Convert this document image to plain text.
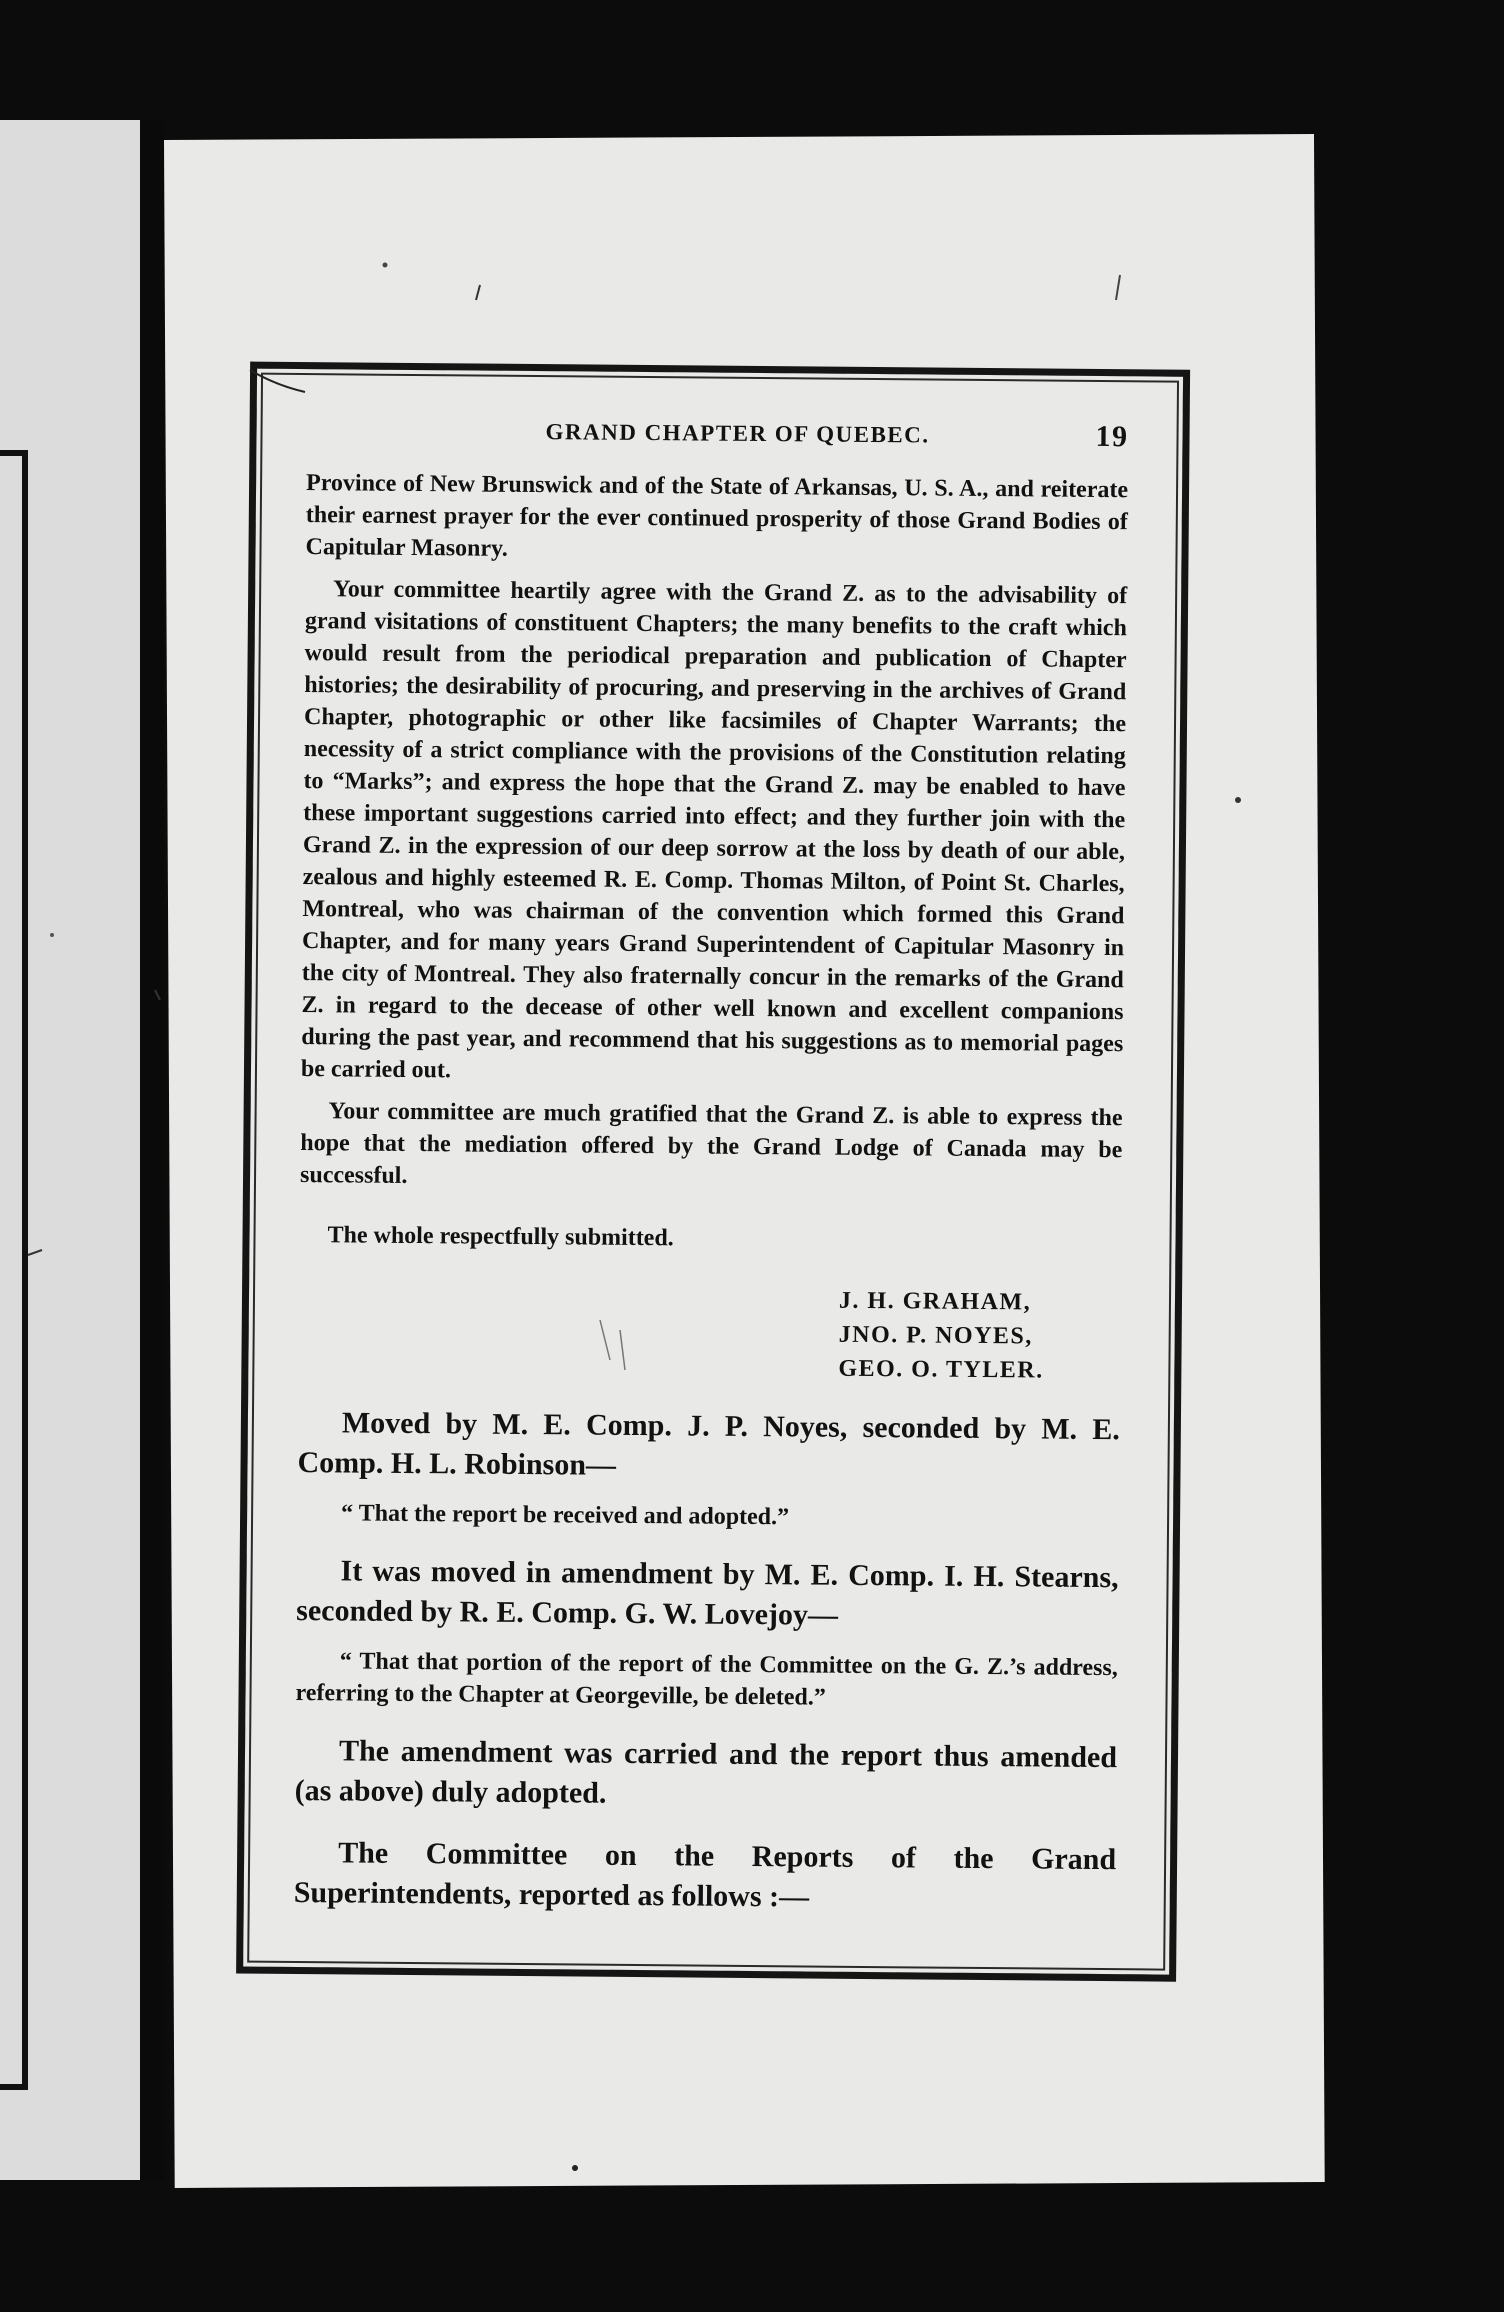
GRAND CHAPTER OF QUEBEC.	19

Province of New Brunswick and of the State of Arkansas, U. S. A., and reiterate their earnest prayer for the ever continued prosperity of those Grand Bodies of Capitular Masonry.

Your committee heartily agree with the Grand Z. as to the advisability of grand visitations of constituent Chapters; the many benefits to the craft which would result from the periodical preparation and publication of Chapter histories; the desirability of procuring, and preserving in the archives of Grand Chapter, photographic or other like facsimiles of Chapter Warrants; the necessity of a strict compliance with the provisions of the Constitution relating to “Marks”; and express the hope that the Grand Z. may be enabled to have these important suggestions carried into effect; and they further join with the Grand Z. in the expression of our deep sorrow at the loss by death of our able, zealous and highly esteemed R. E. Comp. Thomas Milton, of Point St. Charles, Montreal, who was chairman of the convention which formed this Grand Chapter, and for many years Grand Superintendent of Capitular Masonry in the city of Montreal. They also fraternally concur in the remarks of the Grand Z. in regard to the decease of other well known and excellent companions during the past year, and recommend that his suggestions as to memorial pages be carried out.

Your committee are much gratified that the Grand Z. is able to express the hope that the mediation offered by the Grand Lodge of Canada may be successful.

The whole respectfully submitted.

J. H. GRAHAM,
JNO. P. NOYES,
GEO. O. TYLER.

Moved by M. E. Comp. J. P. Noyes, seconded by M. E. Comp. H. L. Robinson—

“ That the report be received and adopted.”

It was moved in amendment by M. E. Comp. I. H. Stearns, seconded by R. E. Comp. G. W. Lovejoy—

“ That that portion of the report of the Committee on the G. Z.’s address, referring to the Chapter at Georgeville, be deleted.”

The amendment was carried and the report thus amended (as above) duly adopted.

The Committee on the Reports of the Grand Superintendents, reported as follows :—
